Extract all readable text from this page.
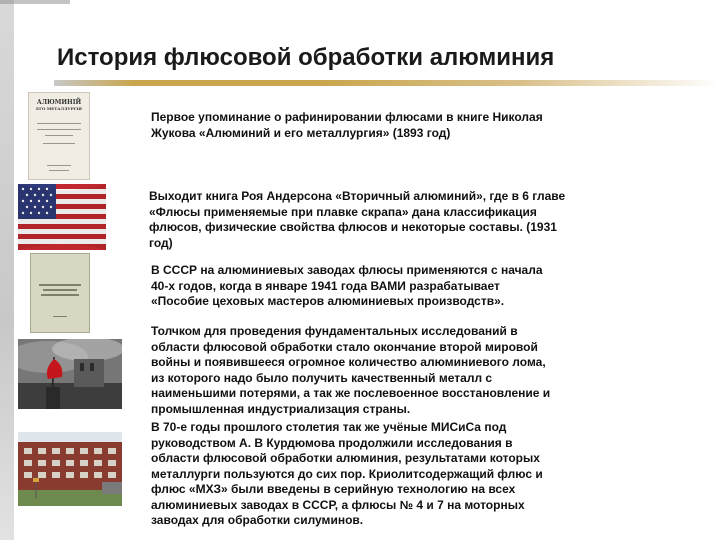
История флюсовой обработки алюминия
АЛЮМИНІЙ
ЕГО МЕТАЛЛУРГІЯ
Первое упоминание о рафинировании флюсами в книге Николая Жукова «Алюминий и его металлургия» (1893 год)
Выходит книга Роя Андерсона «Вторичный алюминий», где в 6 главе «Флюсы применяемые при плавке скрапа» дана классификация флюсов, физические свойства флюсов и некоторые составы. (1931 год)
В СССР на алюминиевых заводах флюсы применяются с начала 40-х годов, когда в январе 1941 года ВАМИ разрабатывает «Пособие цеховых мастеров алюминиевых производств».
Толчком для проведения фундаментальных исследований в области флюсовой обработки стало окончание второй мировой войны и появившееся огромное количество алюминиевого лома, из которого надо было получить качественный металл с наименьшими потерями, а так же послевоенное восстановление и промышленная индустриализация страны.
В 70-е годы прошлого столетия так же учёные МИСиСа под руководством А. В Курдюмова продолжили исследования в области флюсовой обработки алюминия, результатами которых металлурги пользуются до сих пор. Криолитсодержащий флюс и флюс «МХЗ» были введены в серийную технологию на всех алюминиевых заводах в СССР, а флюсы № 4 и 7 на моторных заводах для обработки силуминов.
